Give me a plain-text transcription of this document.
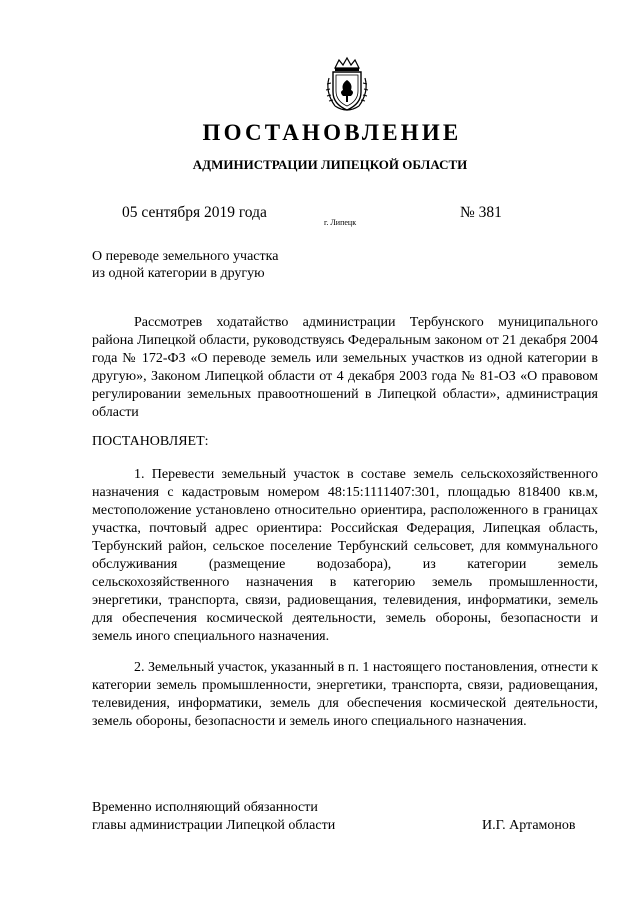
ПОСТАНОВЛЕНИЕ
АДМИНИСТРАЦИИ ЛИПЕЦКОЙ ОБЛАСТИ
05 сентября 2019 года
г. Липецк
№ 381
О переводе земельного участка
из одной категории в другую
Рассмотрев ходатайство администрации Тербунского муниципального района Липецкой области, руководствуясь Федеральным законом от 21 декабря 2004 года № 172-ФЗ «О переводе земель или земельных участков из одной категории в другую», Законом Липецкой области от 4 декабря 2003 года № 81-ОЗ «О правовом регулировании земельных правоотношений в Липецкой области», администрация области
ПОСТАНОВЛЯЕТ:
1. Перевести земельный участок в составе земель сельскохозяйственного назначения с кадастровым номером 48:15:1111407:301, площадью 818400 кв.м, местоположение установлено относительно ориентира, расположенного в границах участка, почтовый адрес ориентира: Российская Федерация, Липецкая область, Тербунский район, сельское поселение Тербунский сельсовет, для коммунального обслуживания (размещение водозабора), из категории земель сельскохозяйственного назначения в категорию земель промышленности, энергетики, транспорта, связи, радиовещания, телевидения, информатики, земель для обеспечения космической деятельности, земель обороны, безопасности и земель иного специального назначения.
2. Земельный участок, указанный в п. 1 настоящего постановления, отнести к категории земель промышленности, энергетики, транспорта, связи, радиовещания, телевидения, информатики, земель для обеспечения космической деятельности, земель обороны, безопасности и земель иного специального назначения.
Временно исполняющий обязанности
главы администрации Липецкой области	И.Г. Артамонов
